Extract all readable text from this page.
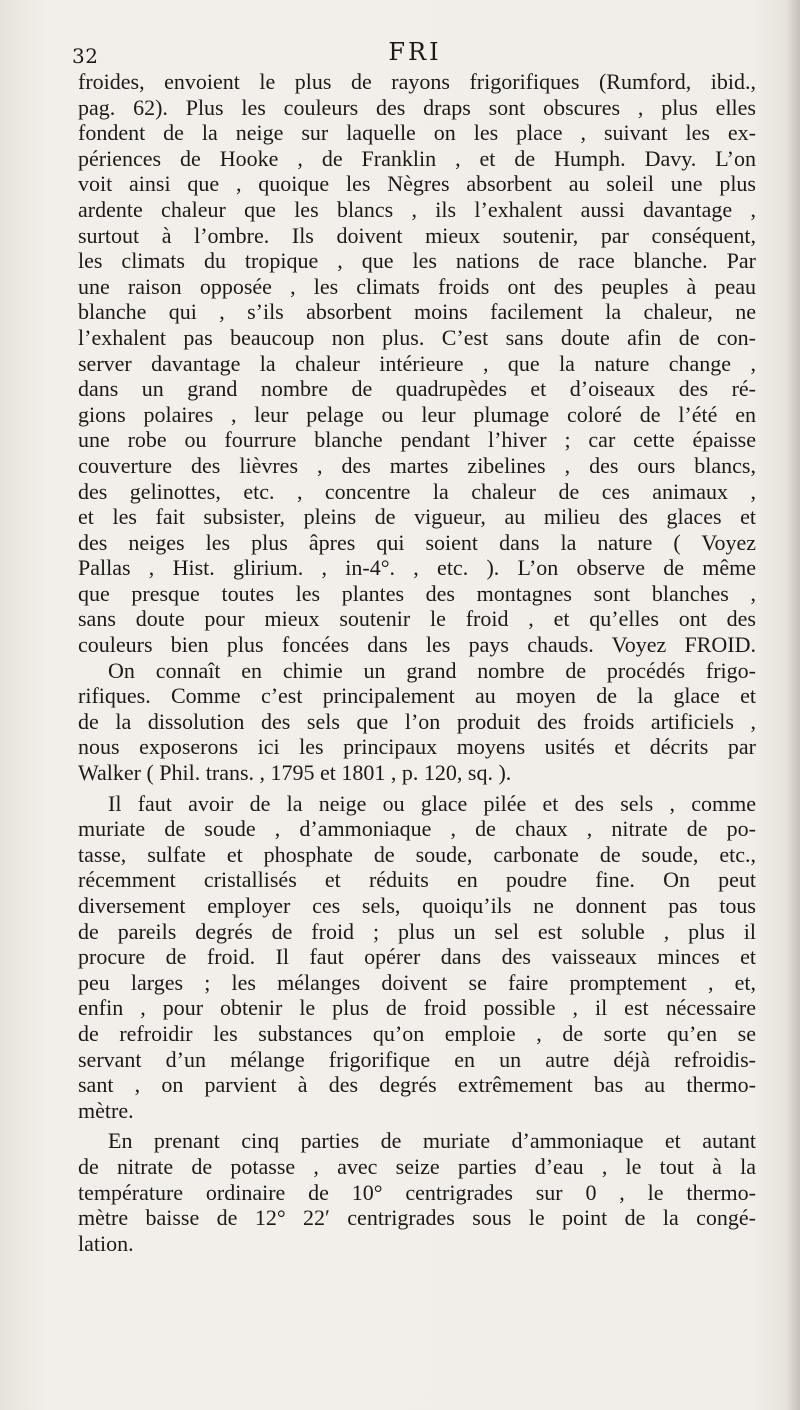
32	FRI
froides, envoient le plus de rayons frigorifiques (Rumford, ibid.,
pag. 62). Plus les couleurs des draps sont obscures , plus elles
fondent de la neige sur laquelle on les place , suivant les ex-
périences de Hooke , de Franklin , et de Humph. Davy. L’on
voit ainsi que , quoique les Nègres absorbent au soleil une plus
ardente chaleur que les blancs , ils l’exhalent aussi davantage ,
surtout à l’ombre. Ils doivent mieux soutenir, par conséquent,
les climats du tropique , que les nations de race blanche. Par
une raison opposée , les climats froids ont des peuples à peau
blanche qui , s’ils absorbent moins facilement la chaleur, ne
l’exhalent pas beaucoup non plus. C’est sans doute afin de con-
server davantage la chaleur intérieure , que la nature change ,
dans un grand nombre de quadrupèdes et d’oiseaux des ré-
gions polaires , leur pelage ou leur plumage coloré de l’été en
une robe ou fourrure blanche pendant l’hiver ; car cette épaisse
couverture des lièvres , des martes zibelines , des ours blancs,
des gelinottes, etc. , concentre la chaleur de ces animaux ,
et les fait subsister, pleins de vigueur, au milieu des glaces et
des neiges les plus âpres qui soient dans la nature ( Voyez
Pallas , Hist. glirium. , in-4°. , etc. ). L’on observe de même
que presque toutes les plantes des montagnes sont blanches ,
sans doute pour mieux soutenir le froid , et qu’elles ont des
couleurs bien plus foncées dans les pays chauds. Voyez FROID.
On connaît en chimie un grand nombre de procédés frigo-
rifiques. Comme c’est principalement au moyen de la glace et
de la dissolution des sels que l’on produit des froids artificiels ,
nous exposerons ici les principaux moyens usités et décrits par
Walker ( Phil. trans. , 1795 et 1801 , p. 120, sq. ).
Il faut avoir de la neige ou glace pilée et des sels , comme
muriate de soude , d’ammoniaque , de chaux , nitrate de po-
tasse, sulfate et phosphate de soude, carbonate de soude, etc.,
récemment cristallisés et réduits en poudre fine. On peut
diversement employer ces sels, quoiqu’ils ne donnent pas tous
de pareils degrés de froid ; plus un sel est soluble , plus il
procure de froid. Il faut opérer dans des vaisseaux minces et
peu larges ; les mélanges doivent se faire promptement , et,
enfin , pour obtenir le plus de froid possible , il est nécessaire
de refroidir les substances qu’on emploie , de sorte qu’en se
servant d’un mélange frigorifique en un autre déjà refroidis-
sant , on parvient à des degrés extrêmement bas au thermo-
mètre.
En prenant cinq parties de muriate d’ammoniaque et autant
de nitrate de potasse , avec seize parties d’eau , le tout à la
température ordinaire de 10° centrigrades sur 0 , le thermo-
mètre baisse de 12° 22ʹ centrigrades sous le point de la congé-
lation.
